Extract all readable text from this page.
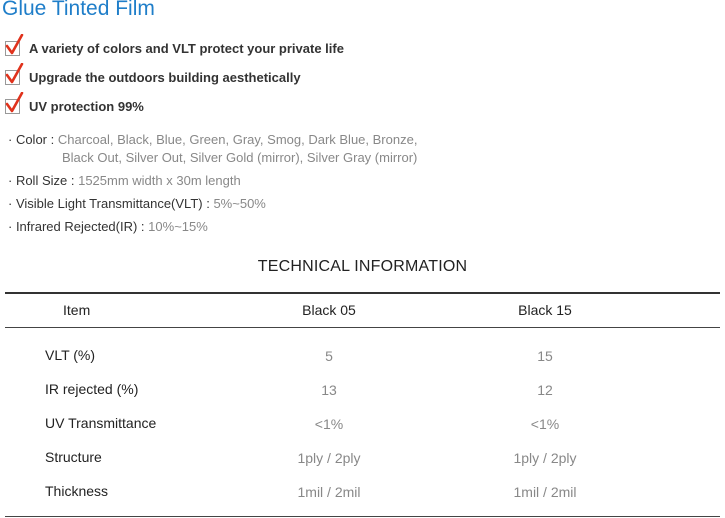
Glue Tinted Film
A variety of colors and VLT protect your private life
Upgrade the outdoors building aesthetically
UV protection 99%
· Color : Charcoal, Black, Blue, Green, Gray, Smog, Dark Blue, Bronze,
Black Out, Silver Out, Silver Gold (mirror), Silver Gray (mirror)
· Roll Size : 1525mm width x 30m length
· Visible Light Transmittance(VLT) : 5%~50%
· Infrared Rejected(IR) : 10%~15%
TECHNICAL INFORMATION
Item	Black 05	Black 15
VLT (%)	5	15
IR rejected (%)	13	12
UV Transmittance	<1%	<1%
Structure	1ply / 2ply	1ply / 2ply
Thickness	1mil / 2mil	1mil / 2mil
